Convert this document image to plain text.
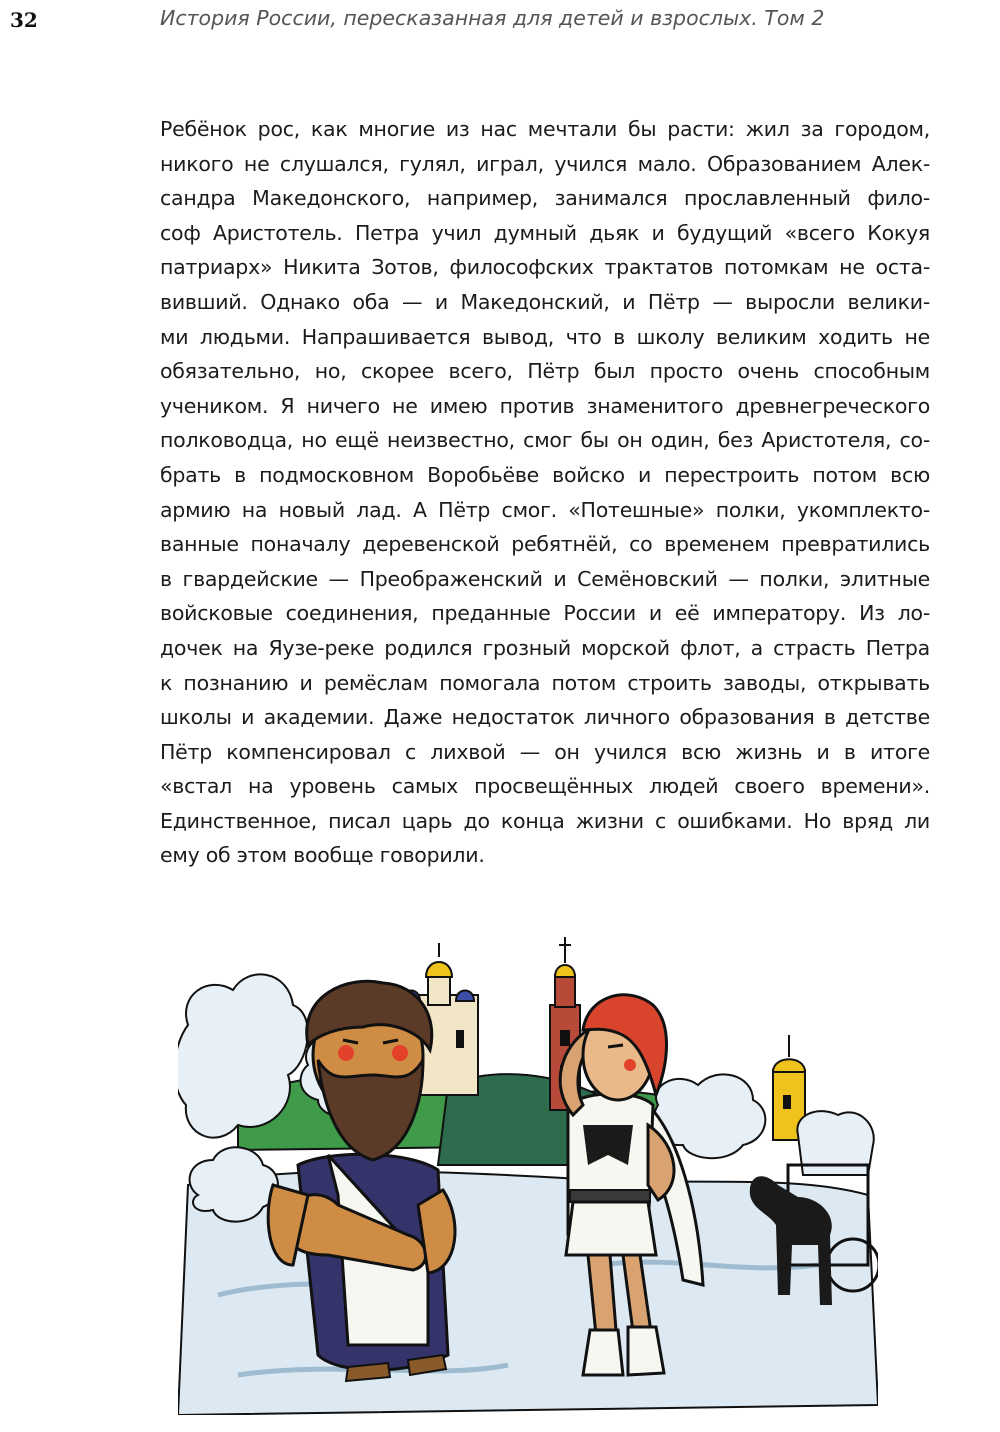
32	История России, пересказанная для детей и взрослых. Том 2
Ребёнок рос, как многие из нас мечтали бы расти: жил за городом,
никого не слушался, гулял, играл, учился мало. Образованием Алек-
сандра Македонского, например, занимался прославленный фило-
соф Аристотель. Петра учил думный дьяк и будущий «всего Кокуя
патриарх» Никита Зотов, философских трактатов потомкам не оста-
вивший. Однако оба — и Македонский, и Пётр — выросли велики-
ми людьми. Напрашивается вывод, что в школу великим ходить не
обязательно, но, скорее всего, Пётр был просто очень способным
учеником. Я ничего не имею против знаменитого древнегреческого
полководца, но ещё неизвестно, смог бы он один, без Аристотеля, со-
брать в подмосковном Воробьёве войско и перестроить потом всю
армию на новый лад. А Пётр смог. «Потешные» полки, укомплекто-
ванные поначалу деревенской ребятнёй, со временем превратились
в гвардейские — Преображенский и Семёновский — полки, элитные
войсковые соединения, преданные России и её императору. Из ло-
дочек на Яузе-реке родился грозный морской флот, а страсть Петра
к познанию и ремёслам помогала потом строить заводы, открывать
школы и академии. Даже недостаток личного образования в детстве
Пётр компенсировал с лихвой — он учился всю жизнь и в итоге
«встал на уровень самых просвещённых людей своего времени».
Единственное, писал царь до конца жизни с ошибками. Но вряд ли
ему об этом вообще говорили.
